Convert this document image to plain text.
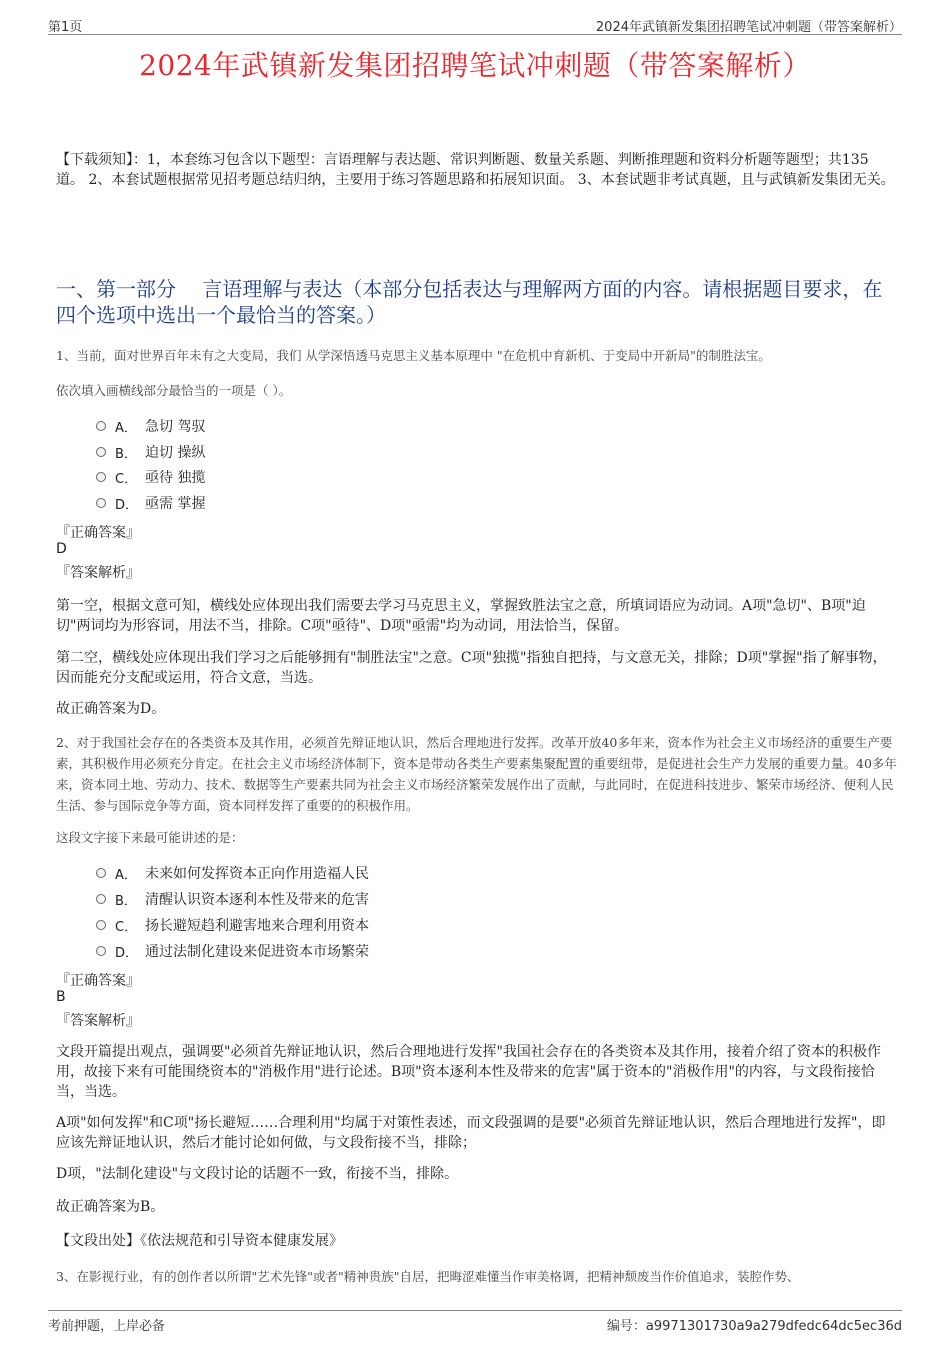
第1页	2024年武镇新发集团招聘笔试冲刺题（带答案解析）
2024年武镇新发集团招聘笔试冲刺题（带答案解析）
【下载须知】：1，本套练习包含以下题型：言语理解与表达题、常识判断题、数量关系题、判断推理题和资料分析题等题型；共135道。 2、本套试题根据常见招考题总结归纳，主要用于练习答题思路和拓展知识面。 3、本套试题非考试真题，且与武镇新发集团无关。
一、第一部分　 言语理解与表达（本部分包括表达与理解两方面的内容。请根据题目要求，在四个选项中选出一个最恰当的答案。）
1、当前，面对世界百年未有之大变局，我们 从学深悟透马克思主义基本原理中 "在危机中育新机、于变局中开新局"的制胜法宝。
依次填入画横线部分最恰当的一项是（ ）。
A． 急切 驾驭
B． 迫切 操纵
C． 亟待 独揽
D． 亟需 掌握
『正确答案』
D
『答案解析』
第一空，根据文意可知，横线处应体现出我们需要去学习马克思主义，掌握致胜法宝之意，所填词语应为动词。A项"急切"、B项"迫切"两词均为形容词，用法不当，排除。C项"亟待"、D项"亟需"均为动词，用法恰当，保留。
第二空，横线处应体现出我们学习之后能够拥有"制胜法宝"之意。C项"独揽"指独自把持，与文意无关，排除；D项"掌握"指了解事物，因而能充分支配或运用，符合文意，当选。
故正确答案为D。
2、对于我国社会存在的各类资本及其作用，必须首先辩证地认识，然后合理地进行发挥。改革开放40多年来，资本作为社会主义市场经济的重要生产要素，其积极作用必须充分肯定。在社会主义市场经济体制下，资本是带动各类生产要素集聚配置的重要纽带，是促进社会生产力发展的重要力量。40多年来，资本同土地、劳动力、技术、数据等生产要素共同为社会主义市场经济繁荣发展作出了贡献，与此同时，在促进科技进步、繁荣市场经济、便利人民生活、参与国际竞争等方面，资本同样发挥了重要的的积极作用。
这段文字接下来最可能讲述的是：
A． 未来如何发挥资本正向作用造福人民
B． 清醒认识资本逐利本性及带来的危害
C． 扬长避短趋利避害地来合理利用资本
D． 通过法制化建设来促进资本市场繁荣
『正确答案』
B
『答案解析』
文段开篇提出观点，强调要"必须首先辩证地认识，然后合理地进行发挥"我国社会存在的各类资本及其作用，接着介绍了资本的积极作用，故接下来有可能围绕资本的"消极作用"进行论述。B项"资本逐利本性及带来的危害"属于资本的"消极作用"的内容，与文段衔接恰当，当选。
A项"如何发挥"和C项"扬长避短……合理利用"均属于对策性表述，而文段强调的是要"必须首先辩证地认识，然后合理地进行发挥"，即应该先辩证地认识，然后才能讨论如何做，与文段衔接不当，排除；
D项，"法制化建设"与文段讨论的话题不一致，衔接不当，排除。
故正确答案为B。
【文段出处】《依法规范和引导资本健康发展》
3、在影视行业，有的创作者以所谓"艺术先锋"或者"精神贵族"自居，把晦涩难懂当作审美格调，把精神颓废当作价值追求，装腔作势、
考前押题，上岸必备	编号：a9971301730a9a279dfedc64dc5ec36d
